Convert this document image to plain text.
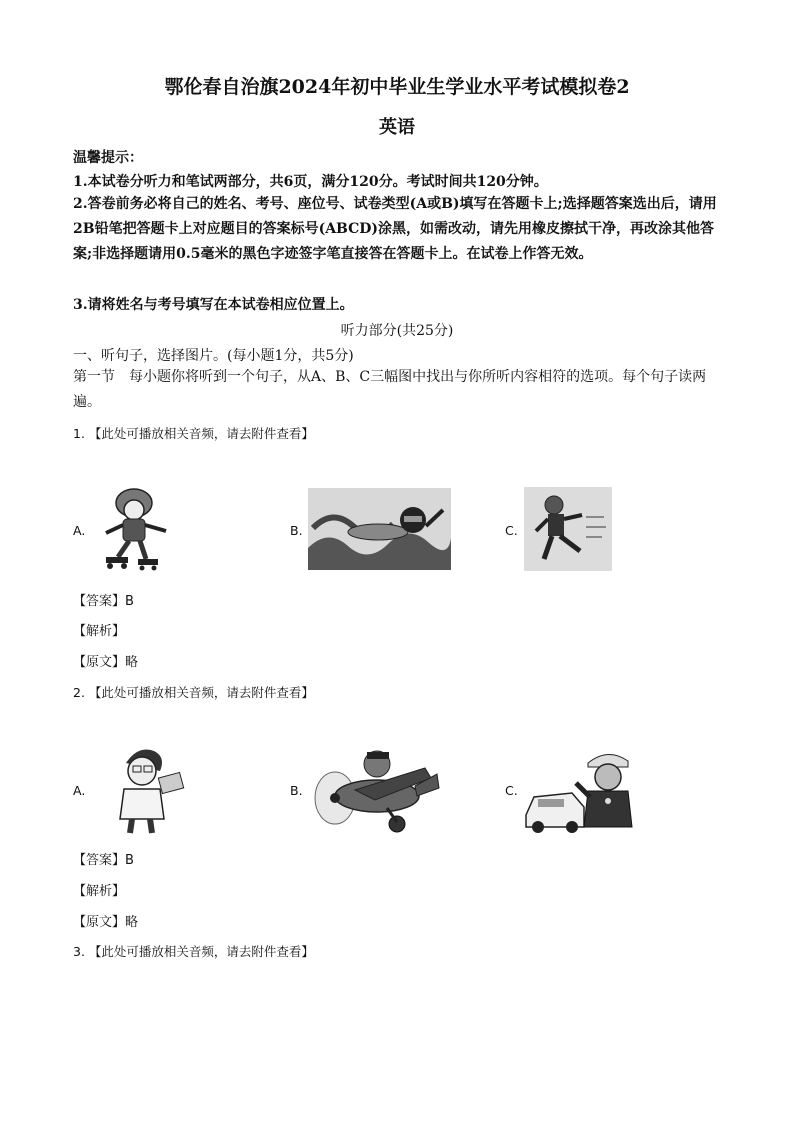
鄂伦春自治旗2024年初中毕业生学业水平考试模拟卷2
英语
温馨提示：
1.本试卷分听力和笔试两部分，共6页，满分120分。考试时间共120分钟。
2.答卷前务必将自己的姓名、考号、座位号、试卷类型(A或B)填写在答题卡上;选择题答案选出后，请用2B铅笔把答题卡上对应题目的答案标号(ABCD)涂黑，如需改动，请先用橡皮擦拭干净，再改涂其他答案;非选择题请用0.5毫米的黑色字迹签字笔直接答在答题卡上。在试卷上作答无效。
3.请将姓名与考号填写在本试卷相应位置上。
听力部分(共25分)
一、听句子，选择图片。(每小题1分，共5分)
第一节　每小题你将听到一个句子，从A、B、C三幅图中找出与你所听内容相符的选项。每个句子读两遍。
1. 【此处可播放相关音频，请去附件查看】
A.	B.	C.
【答案】B
【解析】
【原文】略
2. 【此处可播放相关音频，请去附件查看】
A.	B.	C.
【答案】B
【解析】
【原文】略
3. 【此处可播放相关音频，请去附件查看】
